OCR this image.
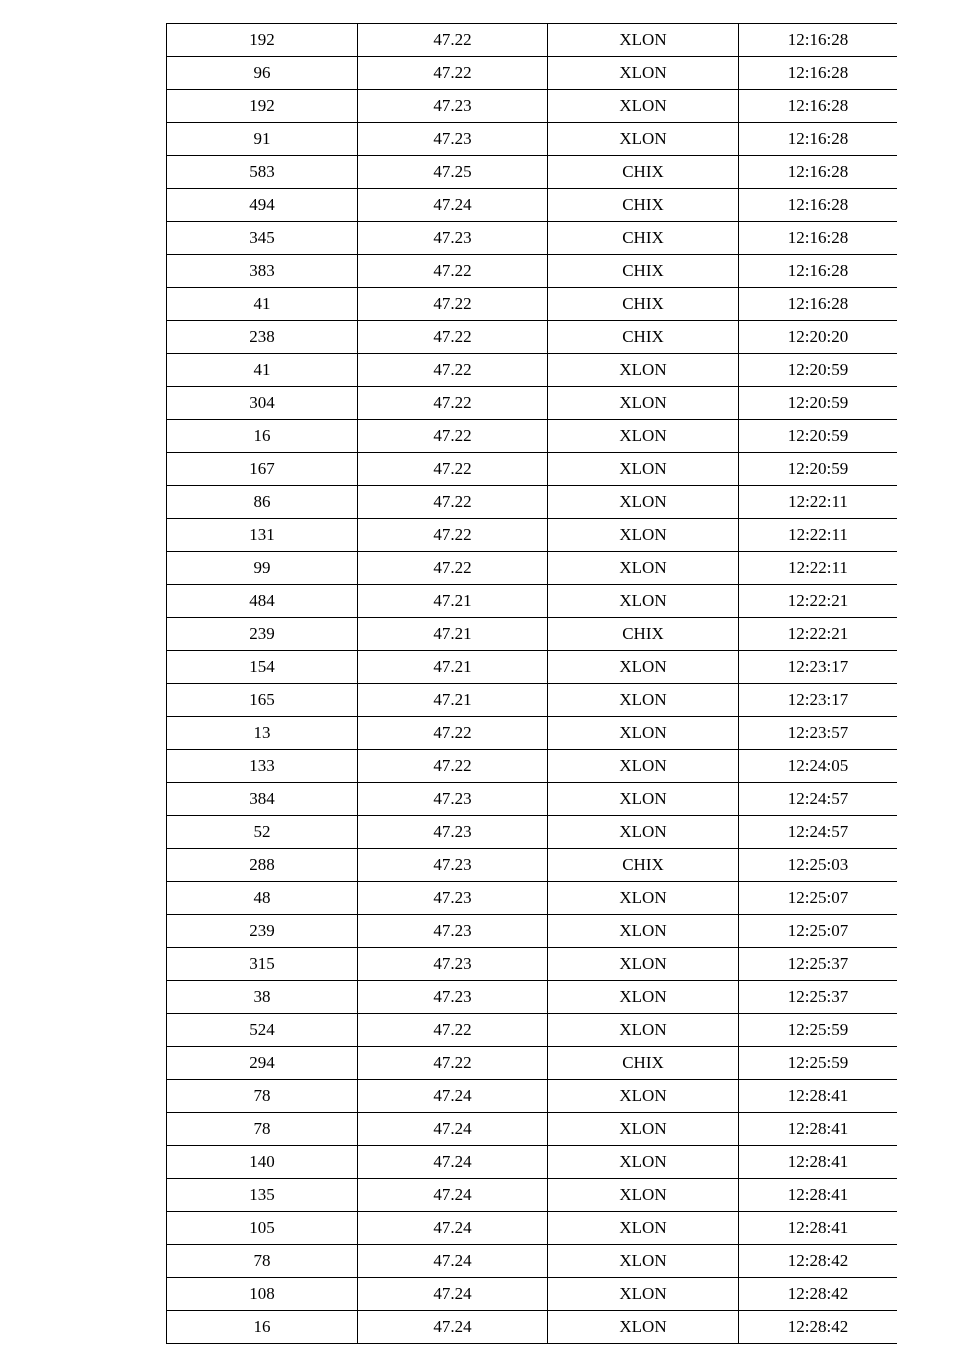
192	47.22	XLON	12:16:28
96	47.22	XLON	12:16:28
192	47.23	XLON	12:16:28
91	47.23	XLON	12:16:28
583	47.25	CHIX	12:16:28
494	47.24	CHIX	12:16:28
345	47.23	CHIX	12:16:28
383	47.22	CHIX	12:16:28
41	47.22	CHIX	12:16:28
238	47.22	CHIX	12:20:20
41	47.22	XLON	12:20:59
304	47.22	XLON	12:20:59
16	47.22	XLON	12:20:59
167	47.22	XLON	12:20:59
86	47.22	XLON	12:22:11
131	47.22	XLON	12:22:11
99	47.22	XLON	12:22:11
484	47.21	XLON	12:22:21
239	47.21	CHIX	12:22:21
154	47.21	XLON	12:23:17
165	47.21	XLON	12:23:17
13	47.22	XLON	12:23:57
133	47.22	XLON	12:24:05
384	47.23	XLON	12:24:57
52	47.23	XLON	12:24:57
288	47.23	CHIX	12:25:03
48	47.23	XLON	12:25:07
239	47.23	XLON	12:25:07
315	47.23	XLON	12:25:37
38	47.23	XLON	12:25:37
524	47.22	XLON	12:25:59
294	47.22	CHIX	12:25:59
78	47.24	XLON	12:28:41
78	47.24	XLON	12:28:41
140	47.24	XLON	12:28:41
135	47.24	XLON	12:28:41
105	47.24	XLON	12:28:41
78	47.24	XLON	12:28:42
108	47.24	XLON	12:28:42
16	47.24	XLON	12:28:42
